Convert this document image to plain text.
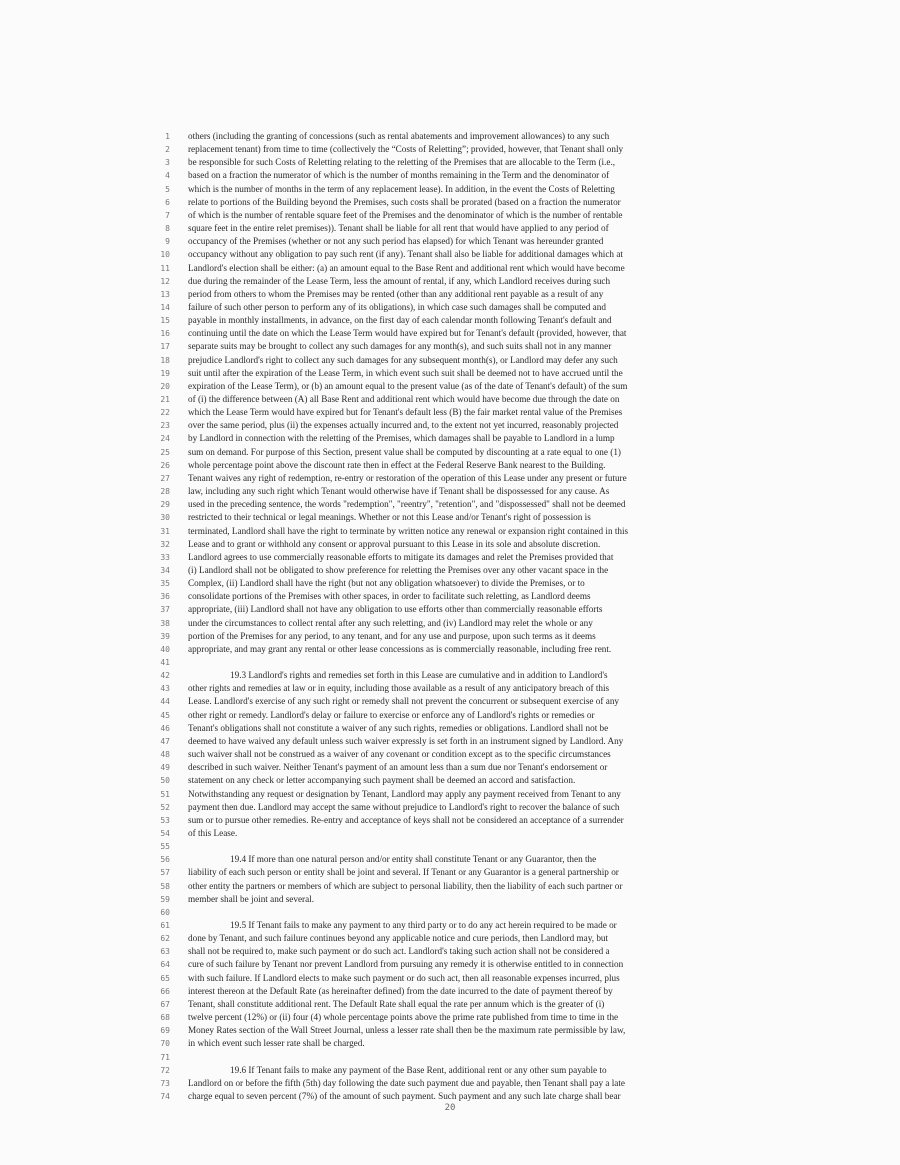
1 others (including the granting of concessions (such as rental abatements and improvement allowances) to any such
2 replacement tenant) from time to time (collectively the “Costs of Reletting”; provided, however, that Tenant shall only
3 be responsible for such Costs of Reletting relating to the reletting of the Premises that are allocable to the Term (i.e.,
4 based on a fraction the numerator of which is the number of months remaining in the Term and the denominator of
5 which is the number of months in the term of any replacement lease). In addition, in the event the Costs of Reletting
6 relate to portions of the Building beyond the Premises, such costs shall be prorated (based on a fraction the numerator
7 of which is the number of rentable square feet of the Premises and the denominator of which is the number of rentable
8 square feet in the entire relet premises)). Tenant shall be liable for all rent that would have applied to any period of
9 occupancy of the Premises (whether or not any such period has elapsed) for which Tenant was hereunder granted
10 occupancy without any obligation to pay such rent (if any). Tenant shall also be liable for additional damages which at
11 Landlord's election shall be either: (a) an amount equal to the Base Rent and additional rent which would have become
12 due during the remainder of the Lease Term, less the amount of rental, if any, which Landlord receives during such
13 period from others to whom the Premises may be rented (other than any additional rent payable as a result of any
14 failure of such other person to perform any of its obligations), in which case such damages shall be computed and
15 payable in monthly installments, in advance, on the first day of each calendar month following Tenant's default and
16 continuing until the date on which the Lease Term would have expired but for Tenant's default (provided, however, that
17 separate suits may be brought to collect any such damages for any month(s), and such suits shall not in any manner
18 prejudice Landlord's right to collect any such damages for any subsequent month(s), or Landlord may defer any such
19 suit until after the expiration of the Lease Term, in which event such suit shall be deemed not to have accrued until the
20 expiration of the Lease Term), or (b) an amount equal to the present value (as of the date of Tenant's default) of the sum
21 of (i) the difference between (A) all Base Rent and additional rent which would have become due through the date on
22 which the Lease Term would have expired but for Tenant's default less (B) the fair market rental value of the Premises
23 over the same period, plus (ii) the expenses actually incurred and, to the extent not yet incurred, reasonably projected
24 by Landlord in connection with the reletting of the Premises, which damages shall be payable to Landlord in a lump
25 sum on demand. For purpose of this Section, present value shall be computed by discounting at a rate equal to one (1)
26 whole percentage point above the discount rate then in effect at the Federal Reserve Bank nearest to the Building.
27 Tenant waives any right of redemption, re-entry or restoration of the operation of this Lease under any present or future
28 law, including any such right which Tenant would otherwise have if Tenant shall be dispossessed for any cause. As
29 used in the preceding sentence, the words "redemption", "reentry", "retention", and "dispossessed" shall not be deemed
30 restricted to their technical or legal meanings. Whether or not this Lease and/or Tenant's right of possession is
31 terminated, Landlord shall have the right to terminate by written notice any renewal or expansion right contained in this
32 Lease and to grant or withhold any consent or approval pursuant to this Lease in its sole and absolute discretion.
33 Landlord agrees to use commercially reasonable efforts to mitigate its damages and relet the Premises provided that
34 (i) Landlord shall not be obligated to show preference for reletting the Premises over any other vacant space in the
35 Complex, (ii) Landlord shall have the right (but not any obligation whatsoever) to divide the Premises, or to
36 consolidate portions of the Premises with other spaces, in order to facilitate such reletting, as Landlord deems
37 appropriate, (iii) Landlord shall not have any obligation to use efforts other than commercially reasonable efforts
38 under the circumstances to collect rental after any such reletting, and (iv) Landlord may relet the whole or any
39 portion of the Premises for any period, to any tenant, and for any use and purpose, upon such terms as it deems
40 appropriate, and may grant any rental or other lease concessions as is commercially reasonable, including free rent.
41
42	19.3 Landlord's rights and remedies set forth in this Lease are cumulative and in addition to Landlord's
43 other rights and remedies at law or in equity, including those available as a result of any anticipatory breach of this
44 Lease. Landlord's exercise of any such right or remedy shall not prevent the concurrent or subsequent exercise of any
45 other right or remedy. Landlord's delay or failure to exercise or enforce any of Landlord's rights or remedies or
46 Tenant's obligations shall not constitute a waiver of any such rights, remedies or obligations. Landlord shall not be
47 deemed to have waived any default unless such waiver expressly is set forth in an instrument signed by Landlord. Any
48 such waiver shall not be construed as a waiver of any covenant or condition except as to the specific circumstances
49 described in such waiver. Neither Tenant's payment of an amount less than a sum due nor Tenant's endorsement or
50 statement on any check or letter accompanying such payment shall be deemed an accord and satisfaction.
51 Notwithstanding any request or designation by Tenant, Landlord may apply any payment received from Tenant to any
52 payment then due. Landlord may accept the same without prejudice to Landlord's right to recover the balance of such
53 sum or to pursue other remedies. Re-entry and acceptance of keys shall not be considered an acceptance of a surrender
54 of this Lease.
55
56	19.4 If more than one natural person and/or entity shall constitute Tenant or any Guarantor, then the
57 liability of each such person or entity shall be joint and several. If Tenant or any Guarantor is a general partnership or
58 other entity the partners or members of which are subject to personal liability, then the liability of each such partner or
59 member shall be joint and several.
60
61	19.5 If Tenant fails to make any payment to any third party or to do any act herein required to be made or
62 done by Tenant, and such failure continues beyond any applicable notice and cure periods, then Landlord may, but
63 shall not be required to, make such payment or do such act. Landlord's taking such action shall not be considered a
64 cure of such failure by Tenant nor prevent Landlord from pursuing any remedy it is otherwise entitled to in connection
65 with such failure. If Landlord elects to make such payment or do such act, then all reasonable expenses incurred, plus
66 interest thereon at the Default Rate (as hereinafter defined) from the date incurred to the date of payment thereof by
67 Tenant, shall constitute additional rent. The Default Rate shall equal the rate per annum which is the greater of (i)
68 twelve percent (12%) or (ii) four (4) whole percentage points above the prime rate published from time to time in the
69 Money Rates section of the Wall Street Journal, unless a lesser rate shall then be the maximum rate permissible by law,
70 in which event such lesser rate shall be charged.
71
72	19.6 If Tenant fails to make any payment of the Base Rent, additional rent or any other sum payable to
73 Landlord on or before the fifth (5th) day following the date such payment due and payable, then Tenant shall pay a late
74 charge equal to seven percent (7%) of the amount of such payment. Such payment and any such late charge shall bear
20
